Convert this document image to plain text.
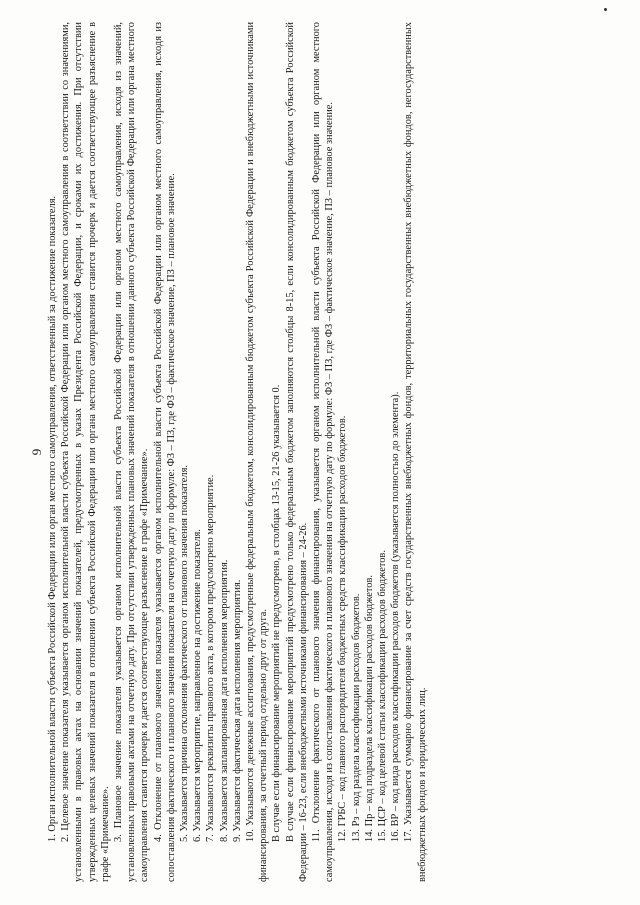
9 1. Орган исполнительной власти субъекта Российской Федерации или орган местного самоуправления, ответственный за достижение показателя. 2. Целевое значение показателя указывается органом исполнительной власти субъекта Российской Федерации или органом местного самоуправления в соответствии со значениями, установленными в правовых актах на основании значений показателей, предусмотренных в указах Президента Российской Федерации, и сроками их достижения. При отсутствии утвержденных целевых значений показателя в отношении субъекта Российской Федерации или органа местного самоуправления ставится прочерк и дается соответствующее разъяснение в графе «Примечание». 3. Плановое значение показателя указывается органом исполнительной власти субъекта Российской Федерации или органом местного самоуправления, исходя из значений, установленных правовыми актами на отчетную дату. При отсутствии утвержденных плановых значений показателя в отношении данного субъекта Российской Федерации или органа местного самоуправления ставится прочерк и дается соответствующее разъяснение в графе «Примечание». 4. Отклонение от планового значения показателя указывается органом исполнительной власти субъекта Российской Федерации или органом местного самоуправления, исходя из сопоставления фактического и планового значения показателя на отчетную дату по формуле: ФЗ – ПЗ, где ФЗ – фактическое значение, ПЗ – плановое значение. 5. Указывается причина отклонения фактического от планового значения показателя. 6. Указывается мероприятие, направленное на достижение показателя. 7. Указываются реквизиты правового акта, в котором предусмотрено мероприятие. 8. Указывается запланированная дата исполнения мероприятия. 9. Указывается фактическая дата исполнения мероприятия. 10. Указываются денежные ассигнования, предусмотренные федеральным бюджетом, консолидированным бюджетом субъекта Российской Федерации и внебюджетными источниками финансирования, за отчетный период отдельно друг от друга. В случае если финансирование мероприятий не предусмотрено, в столбцах 13-15, 21-26 указывается 0. В случае если финансирование мероприятий предусмотрено только федеральным бюджетом заполняются столбцы 8-15, если консолидированным бюджетом субъекта Российской Федерации – 16-23, если внебюджетными источниками финансирования – 24-26. 11. Отклонение фактического от планового значения финансирования, указывается органом исполнительной власти субъекта Российской Федерации или органом местного самоуправления, исходя из сопоставления фактического и планового значения на отчетную дату по формуле: ФЗ – ПЗ, где ФЗ – фактическое значение, ПЗ – плановое значение. 12. ГРБС – код главного распорядителя бюджетных средств классификации расходов бюджетов. 13. Рз – код раздела классификации расходов бюджетов. 14. Пр – код подраздела классификации расходов бюджетов. 15. ЦСР – код целевой статьи классификации расходов бюджетов. 16. ВР – код вида расходов классификации расходов бюджетов (указывается полностью до элемента). 17. Указывается суммарно финансирование за счет средств государственных внебюджетных фондов, территориальных государственных внебюджетных фондов, негосударственных внебюджетных фондов и юридических лиц.
